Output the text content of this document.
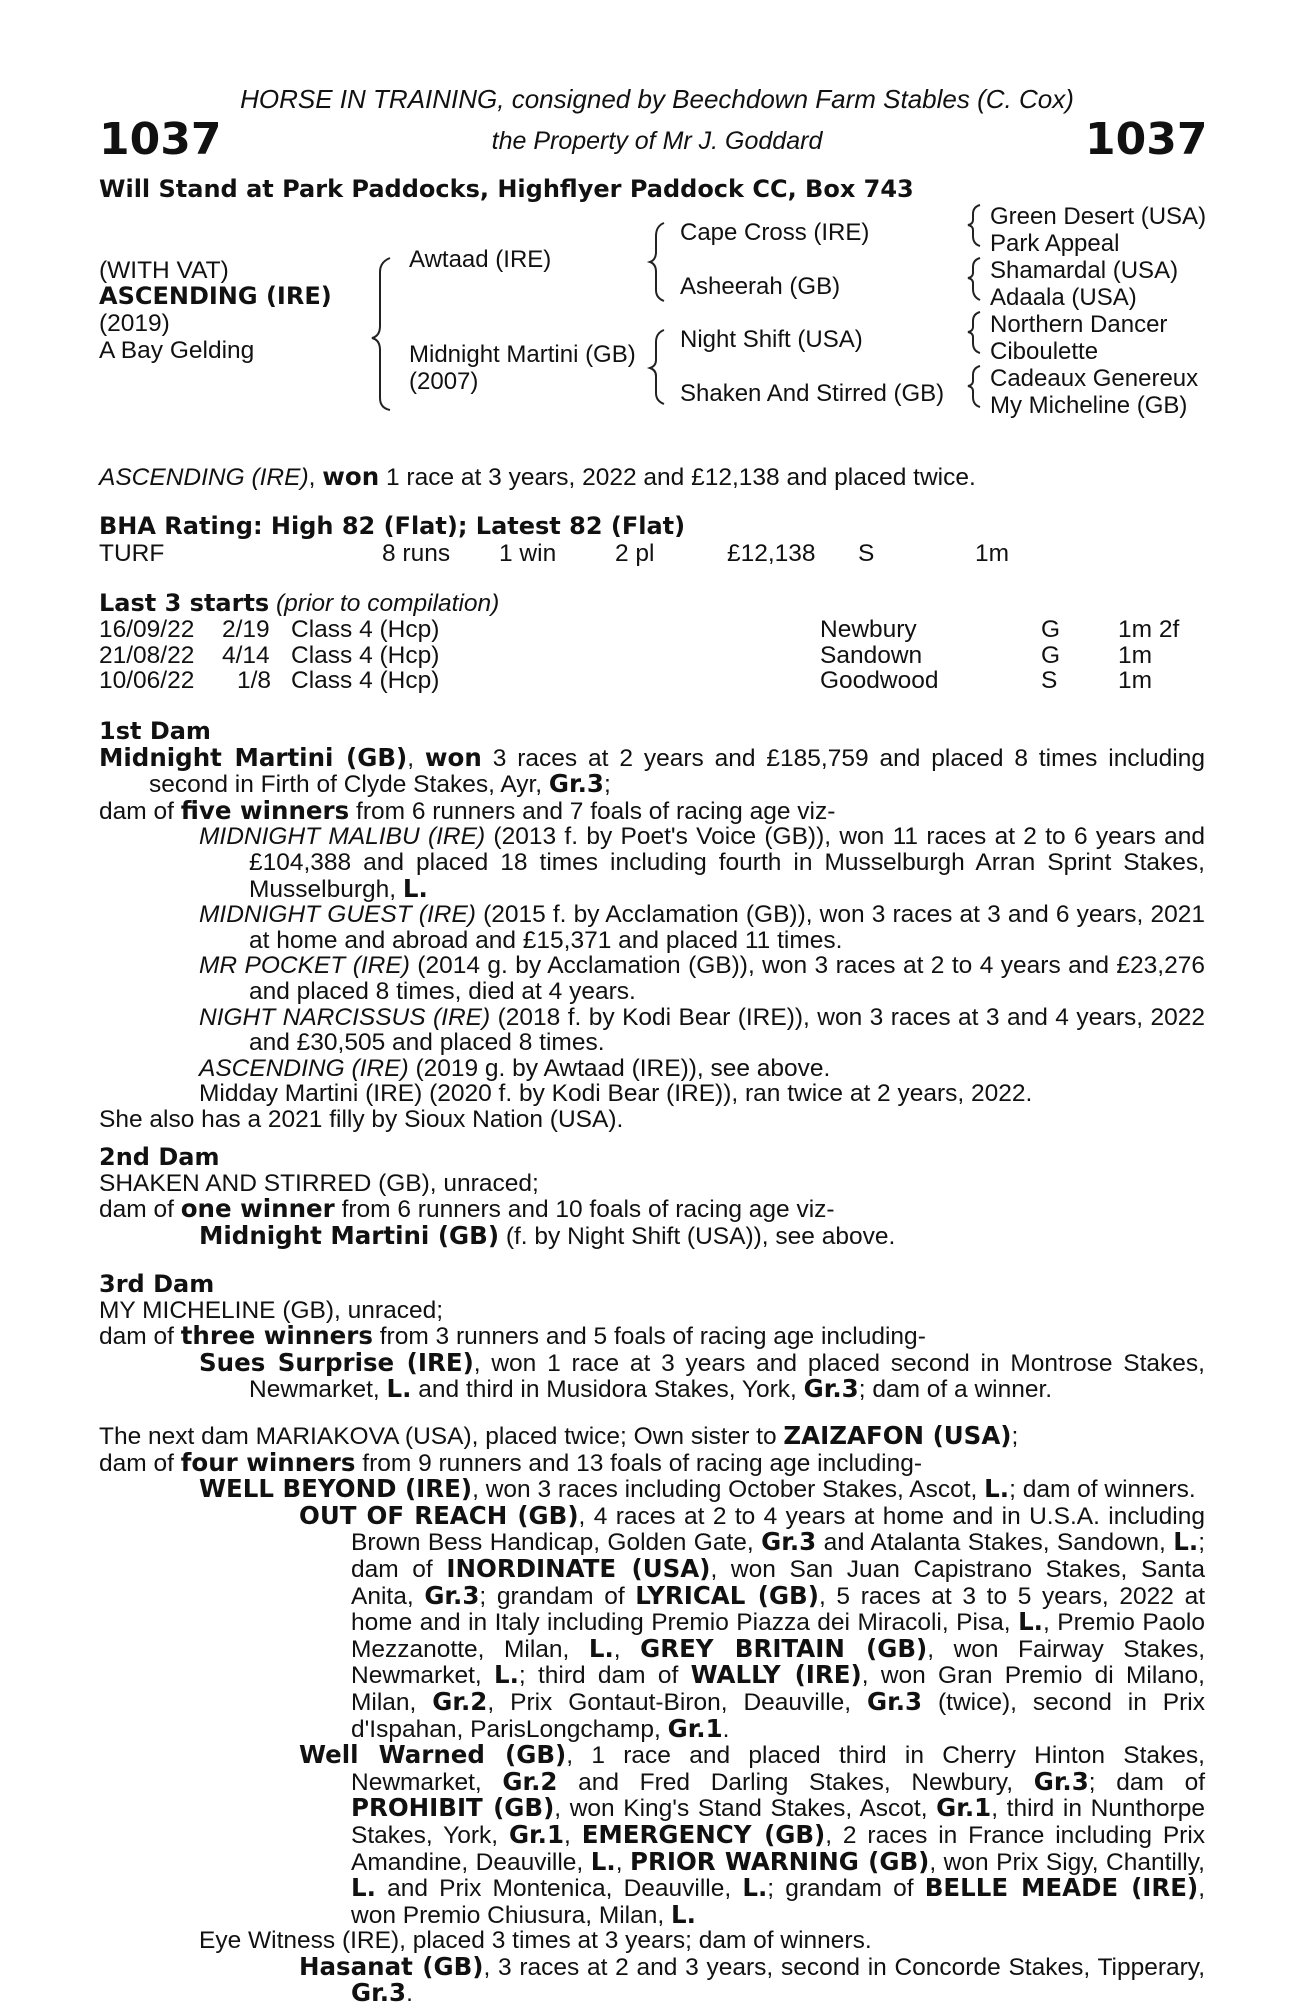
HORSE IN TRAINING, consigned by Beechdown Farm Stables (C. Cox)
1037	the Property of Mr J. Goddard	1037
Will Stand at Park Paddocks, Highflyer Paddock CC, Box 743
(WITH VAT)
ASCENDING (IRE)
(2019)
A Bay Gelding
Awtaad (IRE)
Midnight Martini (GB)
(2007)
Cape Cross (IRE)
Asheerah (GB)
Night Shift (USA)
Shaken And Stirred (GB)
Green Desert (USA)
Park Appeal
Shamardal (USA)
Adaala (USA)
Northern Dancer
Ciboulette
Cadeaux Genereux
My Micheline (GB)
ASCENDING (IRE), won 1 race at 3 years, 2022 and £12,138 and placed twice.
BHA Rating: High 82 (Flat); Latest 82 (Flat)
TURF	8 runs 1 win 2 pl	£12,138 S	1m
Last 3 starts (prior to compilation)
16/09/22 2/19 Class 4 (Hcp)	Newbury	G 1m 2f
21/08/22 4/14 Class 4 (Hcp)	Sandown	G 1m
10/06/22 1/8 Class 4 (Hcp)	Goodwood	S 1m
1st Dam
Midnight Martini (GB), won 3 races at 2 years and £185,759 and placed 8 times including second in Firth of Clyde Stakes, Ayr, Gr.3;
dam of five winners from 6 runners and 7 foals of racing age viz-
MIDNIGHT MALIBU (IRE) (2013 f. by Poet's Voice (GB)), won 11 races at 2 to 6 years and £104,388 and placed 18 times including fourth in Musselburgh Arran Sprint Stakes, Musselburgh, L.
MIDNIGHT GUEST (IRE) (2015 f. by Acclamation (GB)), won 3 races at 3 and 6 years, 2021 at home and abroad and £15,371 and placed 11 times.
MR POCKET (IRE) (2014 g. by Acclamation (GB)), won 3 races at 2 to 4 years and £23,276 and placed 8 times, died at 4 years.
NIGHT NARCISSUS (IRE) (2018 f. by Kodi Bear (IRE)), won 3 races at 3 and 4 years, 2022 and £30,505 and placed 8 times.
ASCENDING (IRE) (2019 g. by Awtaad (IRE)), see above.
Midday Martini (IRE) (2020 f. by Kodi Bear (IRE)), ran twice at 2 years, 2022.
She also has a 2021 filly by Sioux Nation (USA).
2nd Dam
SHAKEN AND STIRRED (GB), unraced;
dam of one winner from 6 runners and 10 foals of racing age viz-
Midnight Martini (GB) (f. by Night Shift (USA)), see above.
3rd Dam
MY MICHELINE (GB), unraced;
dam of three winners from 3 runners and 5 foals of racing age including-
Sues Surprise (IRE), won 1 race at 3 years and placed second in Montrose Stakes, Newmarket, L. and third in Musidora Stakes, York, Gr.3; dam of a winner.
The next dam MARIAKOVA (USA), placed twice; Own sister to ZAIZAFON (USA);
dam of four winners from 9 runners and 13 foals of racing age including-
WELL BEYOND (IRE), won 3 races including October Stakes, Ascot, L.; dam of winners.
OUT OF REACH (GB), 4 races at 2 to 4 years at home and in U.S.A. including Brown Bess Handicap, Golden Gate, Gr.3 and Atalanta Stakes, Sandown, L.; dam of INORDINATE (USA), won San Juan Capistrano Stakes, Santa Anita, Gr.3; grandam of LYRICAL (GB), 5 races at 3 to 5 years, 2022 at home and in Italy including Premio Piazza dei Miracoli, Pisa, L., Premio Paolo Mezzanotte, Milan, L., GREY BRITAIN (GB), won Fairway Stakes, Newmarket, L.; third dam of WALLY (IRE), won Gran Premio di Milano, Milan, Gr.2, Prix Gontaut-Biron, Deauville, Gr.3 (twice), second in Prix d'Ispahan, ParisLongchamp, Gr.1.
Well Warned (GB), 1 race and placed third in Cherry Hinton Stakes, Newmarket, Gr.2 and Fred Darling Stakes, Newbury, Gr.3; dam of PROHIBIT (GB), won King's Stand Stakes, Ascot, Gr.1, third in Nunthorpe Stakes, York, Gr.1, EMERGENCY (GB), 2 races in France including Prix Amandine, Deauville, L., PRIOR WARNING (GB), won Prix Sigy, Chantilly, L. and Prix Montenica, Deauville, L.; grandam of BELLE MEADE (IRE), won Premio Chiusura, Milan, L.
Eye Witness (IRE), placed 3 times at 3 years; dam of winners.
Hasanat (GB), 3 races at 2 and 3 years, second in Concorde Stakes, Tipperary, Gr.3.
